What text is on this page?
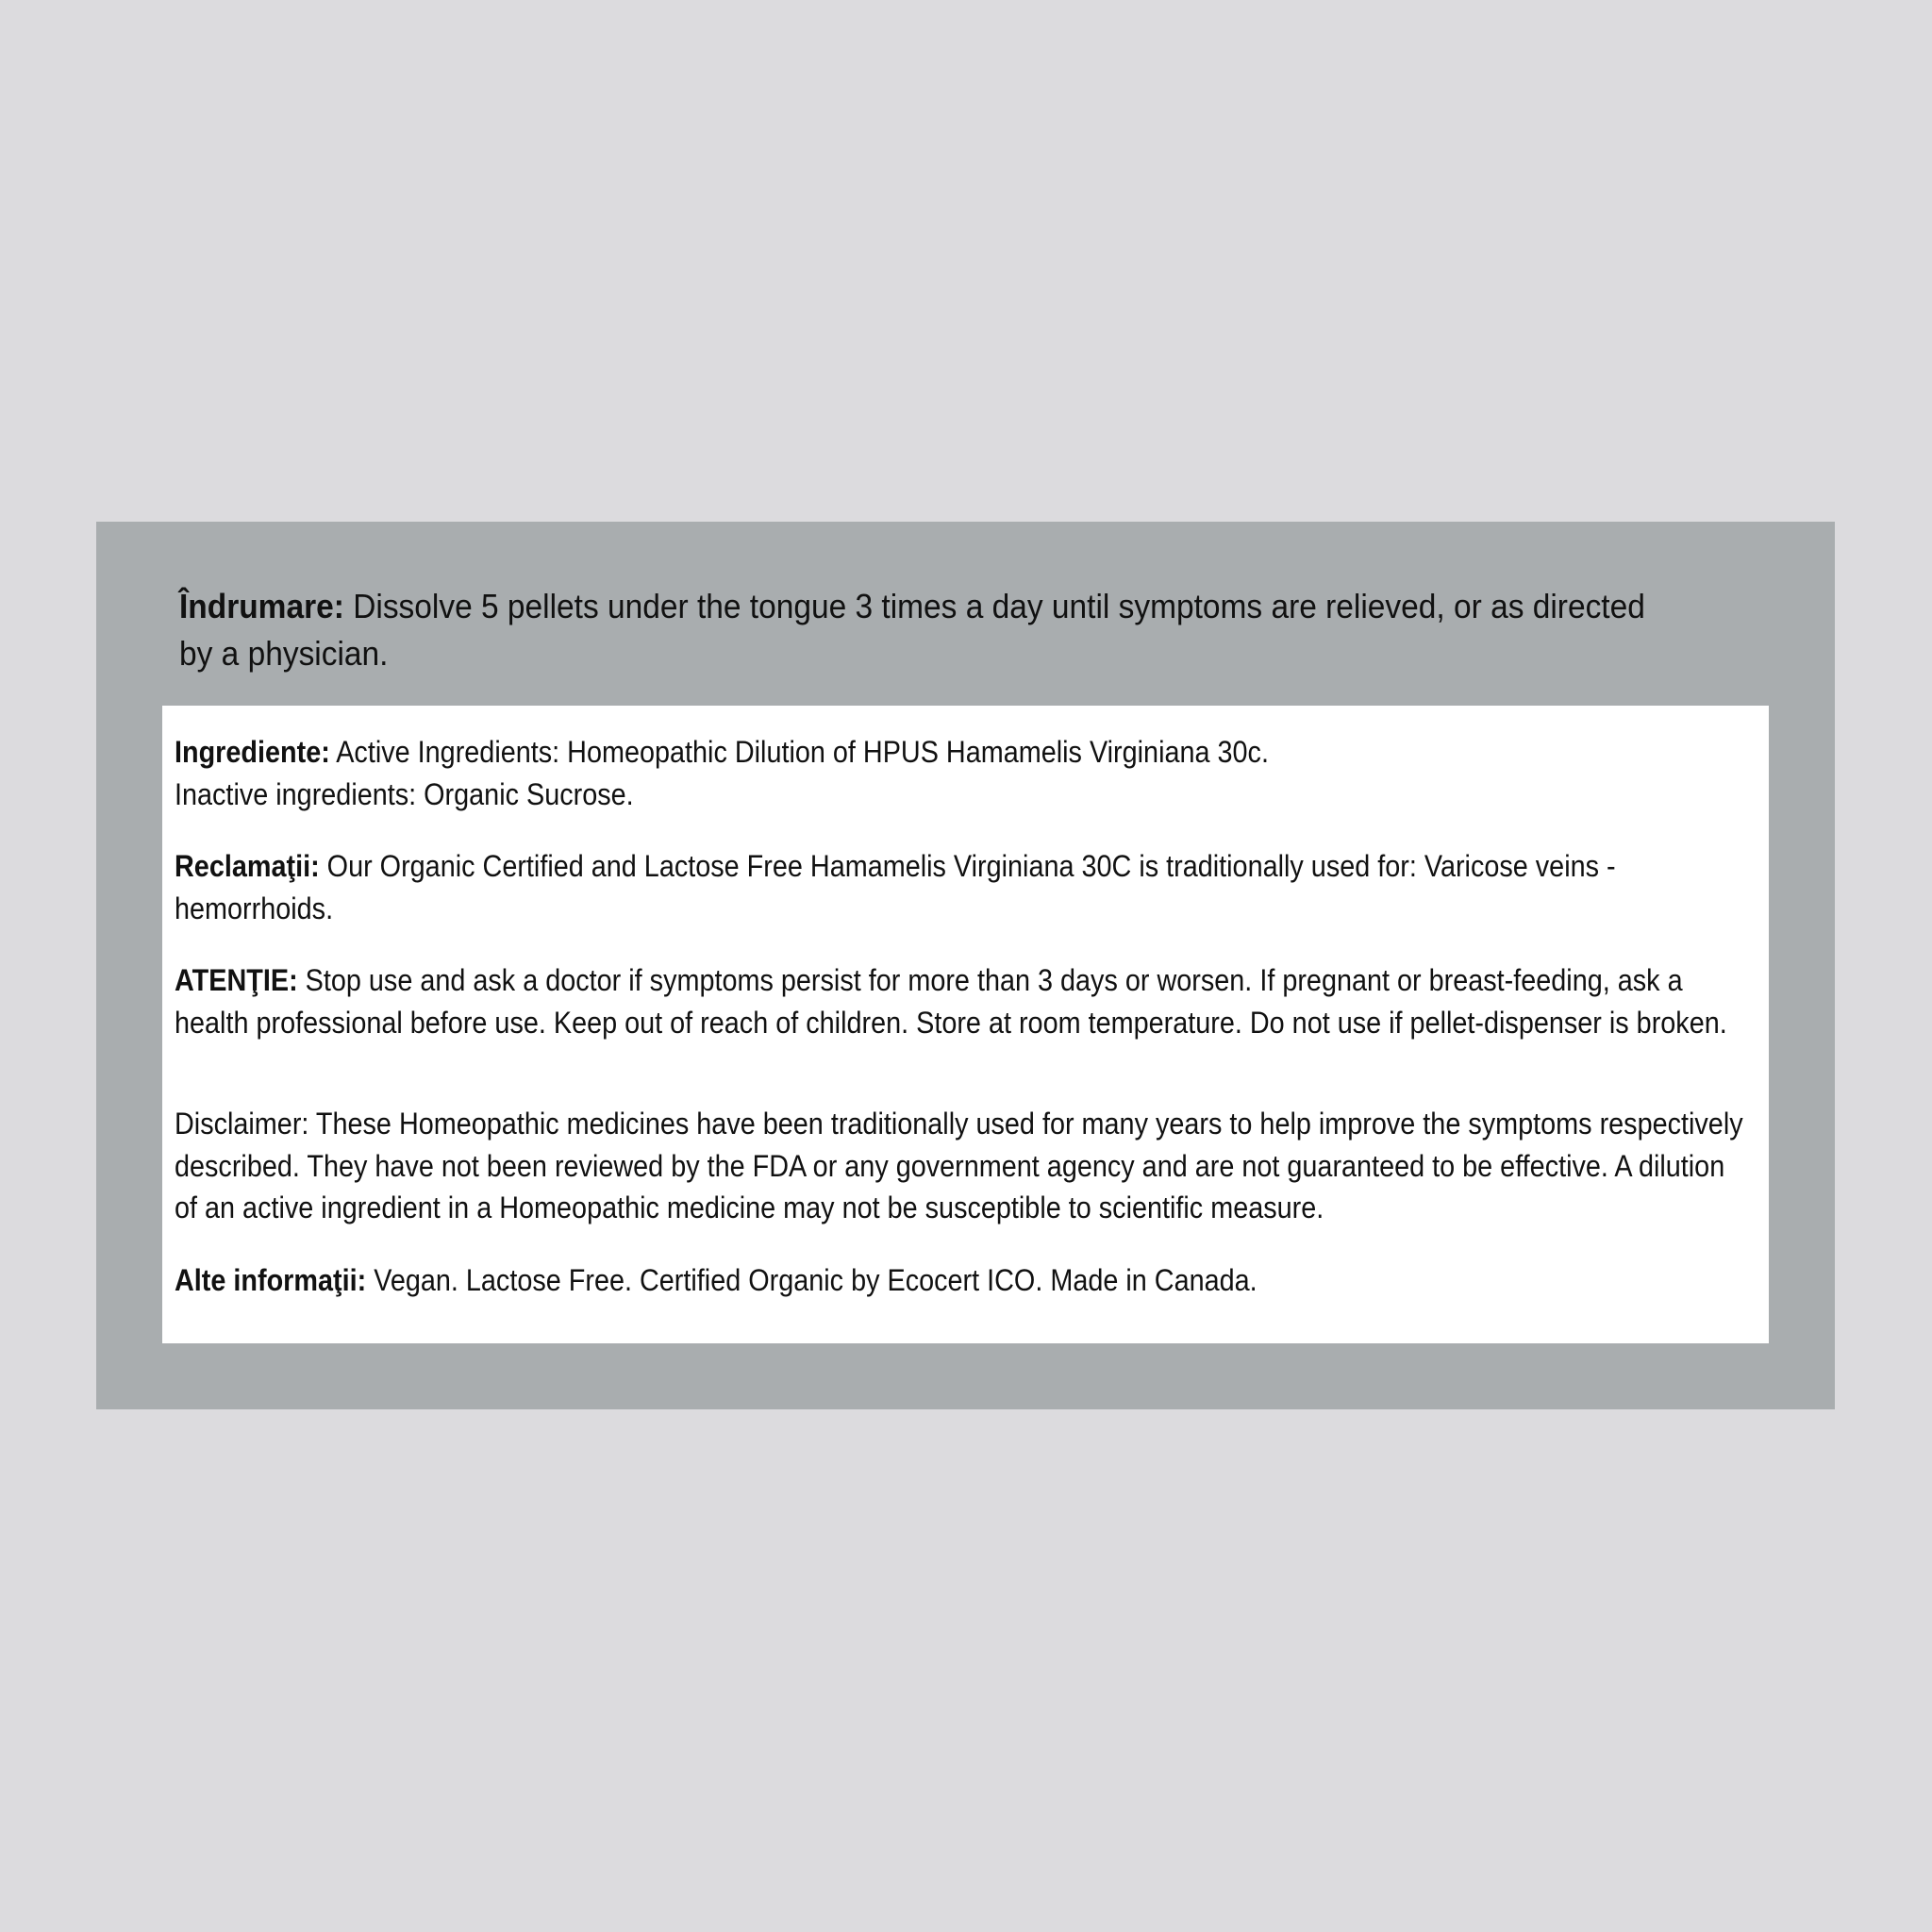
Îndrumare: Dissolve 5 pellets under the tongue 3 times a day until symptoms are relieved, or as directed by a physician.

Ingrediente: Active Ingredients: Homeopathic Dilution of HPUS Hamamelis Virginiana 30c.
Inactive ingredients: Organic Sucrose.

Reclamaţii: Our Organic Certified and Lactose Free Hamamelis Virginiana 30C is traditionally used for: Varicose veins - hemorrhoids.

ATENŢIE: Stop use and ask a doctor if symptoms persist for more than 3 days or worsen. If pregnant or breast-feeding, ask a health professional before use. Keep out of reach of children. Store at room temperature. Do not use if pellet-dispenser is broken.

Disclaimer: These Homeopathic medicines have been traditionally used for many years to help improve the symptoms respectively described. They have not been reviewed by the FDA or any government agency and are not guaranteed to be effective. A dilution of an active ingredient in a Homeopathic medicine may not be susceptible to scientific measure.

Alte informaţii: Vegan. Lactose Free. Certified Organic by Ecocert ICO. Made in Canada.
